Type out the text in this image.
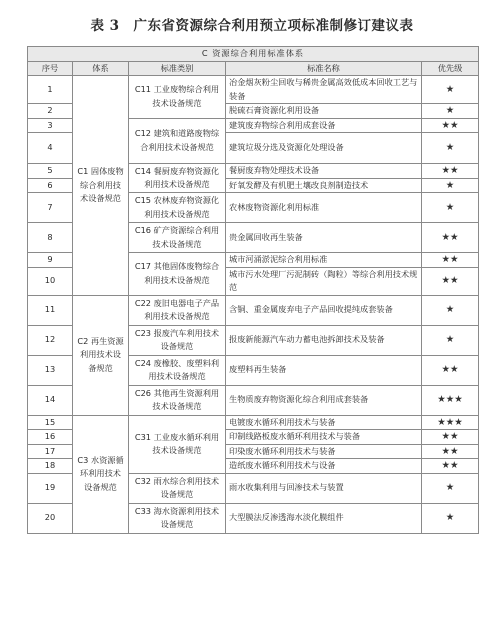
表 3　广东省资源综合利用预立项标准制修订建议表
C 资源综合利用标准体系				
序号	体系	标准类别	标准名称	优先级
1	C1 固体废物综合利用技术设备规范	C11 工业废物综合利用技术设备规范	冶金烟灰粉尘回收与稀贵金属高效低成本回收工艺与装备	★
2			脱硫石膏资源化利用设备	★
3		C12 建筑和道路废物综合利用技术设备规范	建筑废弃物综合利用成套设备	★★
4			建筑垃圾分选及资源化处理设备	★
5		C14 餐厨废弃物资源化利用技术设备规范	餐厨废弃物处理技术设备	★★
6			好氧发酵及有机肥土壤改良剂制造技术	★
7		C15 农林废弃物资源化利用技术设备规范	农林废物资源化利用标准	★
8		C16 矿产资源综合利用技术设备规范	贵金属回收再生装备	★★
9		C17 其他固体废物综合利用技术设备规范	城市河涌淤泥综合利用标准	★★
10			城市污水处理厂污泥制砖（陶粒）等综合利用技术规范	★★
11	C2 再生资源利用技术设备规范	C22 废旧电器电子产品利用技术设备规范	含铜、重金属废弃电子产品回收提纯成套装备	★
12		C23 报废汽车利用技术设备规范	报废新能源汽车动力蓄电池拆卸技术及装备	★
13		C24 废橡胶、废塑料利用技术设备规范	废塑料再生装备	★★
14		C26 其他再生资源利用技术设备规范	生物质废弃物资源化综合利用成套装备	★★★
15	C3 水资源循环利用技术设备规范	C31 工业废水循环利用技术设备规范	电镀废水循环利用技术与装备	★★★
16			印制线路板废水循环利用技术与装备	★★
17			印染废水循环利用技术与装备	★★
18			造纸废水循环利用技术与设备	★★
19		C32 雨水综合利用技术设备规范	雨水收集利用与回渗技术与装置	★
20		C33 海水资源利用技术设备规范	大型膜法反渗透海水淡化膜组件	★
